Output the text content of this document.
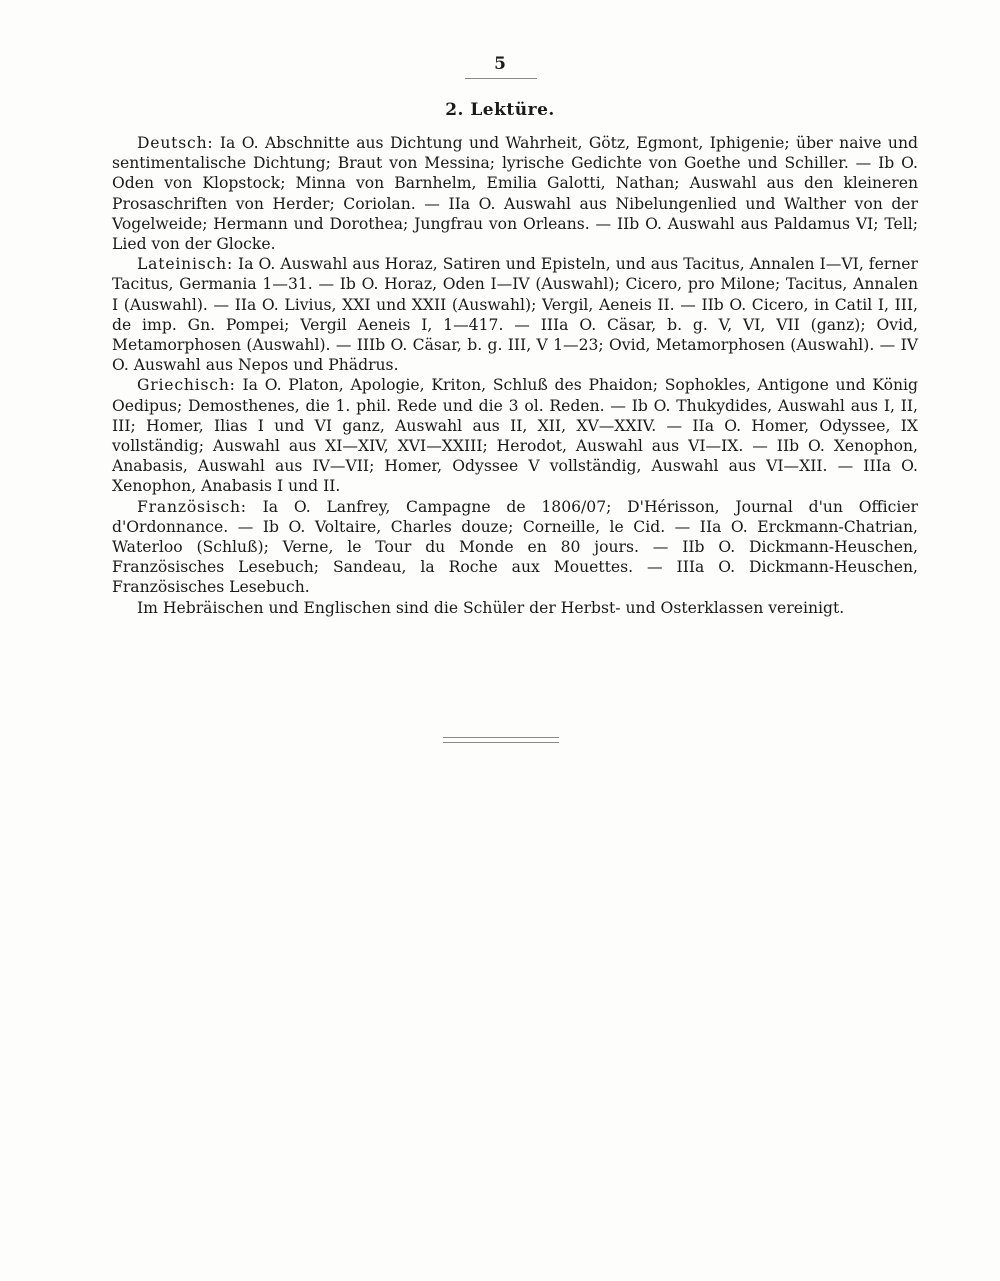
5
2. Lektüre.

Deutsch: Ia O. Abschnitte aus Dichtung und Wahrheit, Götz, Egmont, Iphigenie; über naive und sentimentalische Dichtung; Braut von Messina; lyrische Gedichte von Goethe und Schiller. — Ib O. Oden von Klopstock; Minna von Barnhelm, Emilia Galotti, Nathan; Auswahl aus den kleineren Prosaschriften von Herder; Coriolan. — IIa O. Auswahl aus Nibelungenlied und Walther von der Vogelweide; Hermann und Dorothea; Jungfrau von Orleans. — IIb O. Auswahl aus Paldamus VI; Tell; Lied von der Glocke.

Lateinisch: Ia O. Auswahl aus Horaz, Satiren und Episteln, und aus Tacitus, Annalen I—VI, ferner Tacitus, Germania 1—31. — Ib O. Horaz, Oden I—IV (Auswahl); Cicero, pro Milone; Tacitus, Annalen I (Auswahl). — IIa O. Livius, XXI und XXII (Auswahl); Vergil, Aeneis II. — IIb O. Cicero, in Catil I, III, de imp. Gn. Pompei; Vergil Aeneis I, 1—417. — IIIa O. Cäsar, b. g. V, VI, VII (ganz); Ovid, Metamorphosen (Auswahl). — IIIb O. Cäsar, b. g. III, V 1—23; Ovid, Metamorphosen (Auswahl). — IV O. Auswahl aus Nepos und Phädrus.

Griechisch: Ia O. Platon, Apologie, Kriton, Schluß des Phaidon; Sophokles, Antigone und König Oedipus; Demosthenes, die 1. phil. Rede und die 3 ol. Reden. — Ib O. Thukydides, Auswahl aus I, II, III; Homer, Ilias I und VI ganz, Auswahl aus II, XII, XV—XXIV. — IIa O. Homer, Odyssee, IX vollständig; Auswahl aus XI—XIV, XVI—XXIII; Herodot, Auswahl aus VI—IX. — IIb O. Xenophon, Anabasis, Auswahl aus IV—VII; Homer, Odyssee V vollständig, Auswahl aus VI—XII. — IIIa O. Xenophon, Anabasis I und II.

Französisch: Ia O. Lanfrey, Campagne de 1806/07; D'Hérisson, Journal d'un Officier d'Ordonnance. — Ib O. Voltaire, Charles douze; Corneille, le Cid. — IIa O. Erckmann-Chatrian, Waterloo (Schluß); Verne, le Tour du Monde en 80 jours. — IIb O. Dickmann-Heuschen, Französisches Lesebuch; Sandeau, la Roche aux Mouettes. — IIIa O. Dickmann-Heuschen, Französisches Lesebuch.

Im Hebräischen und Englischen sind die Schüler der Herbst- und Osterklassen vereinigt.
